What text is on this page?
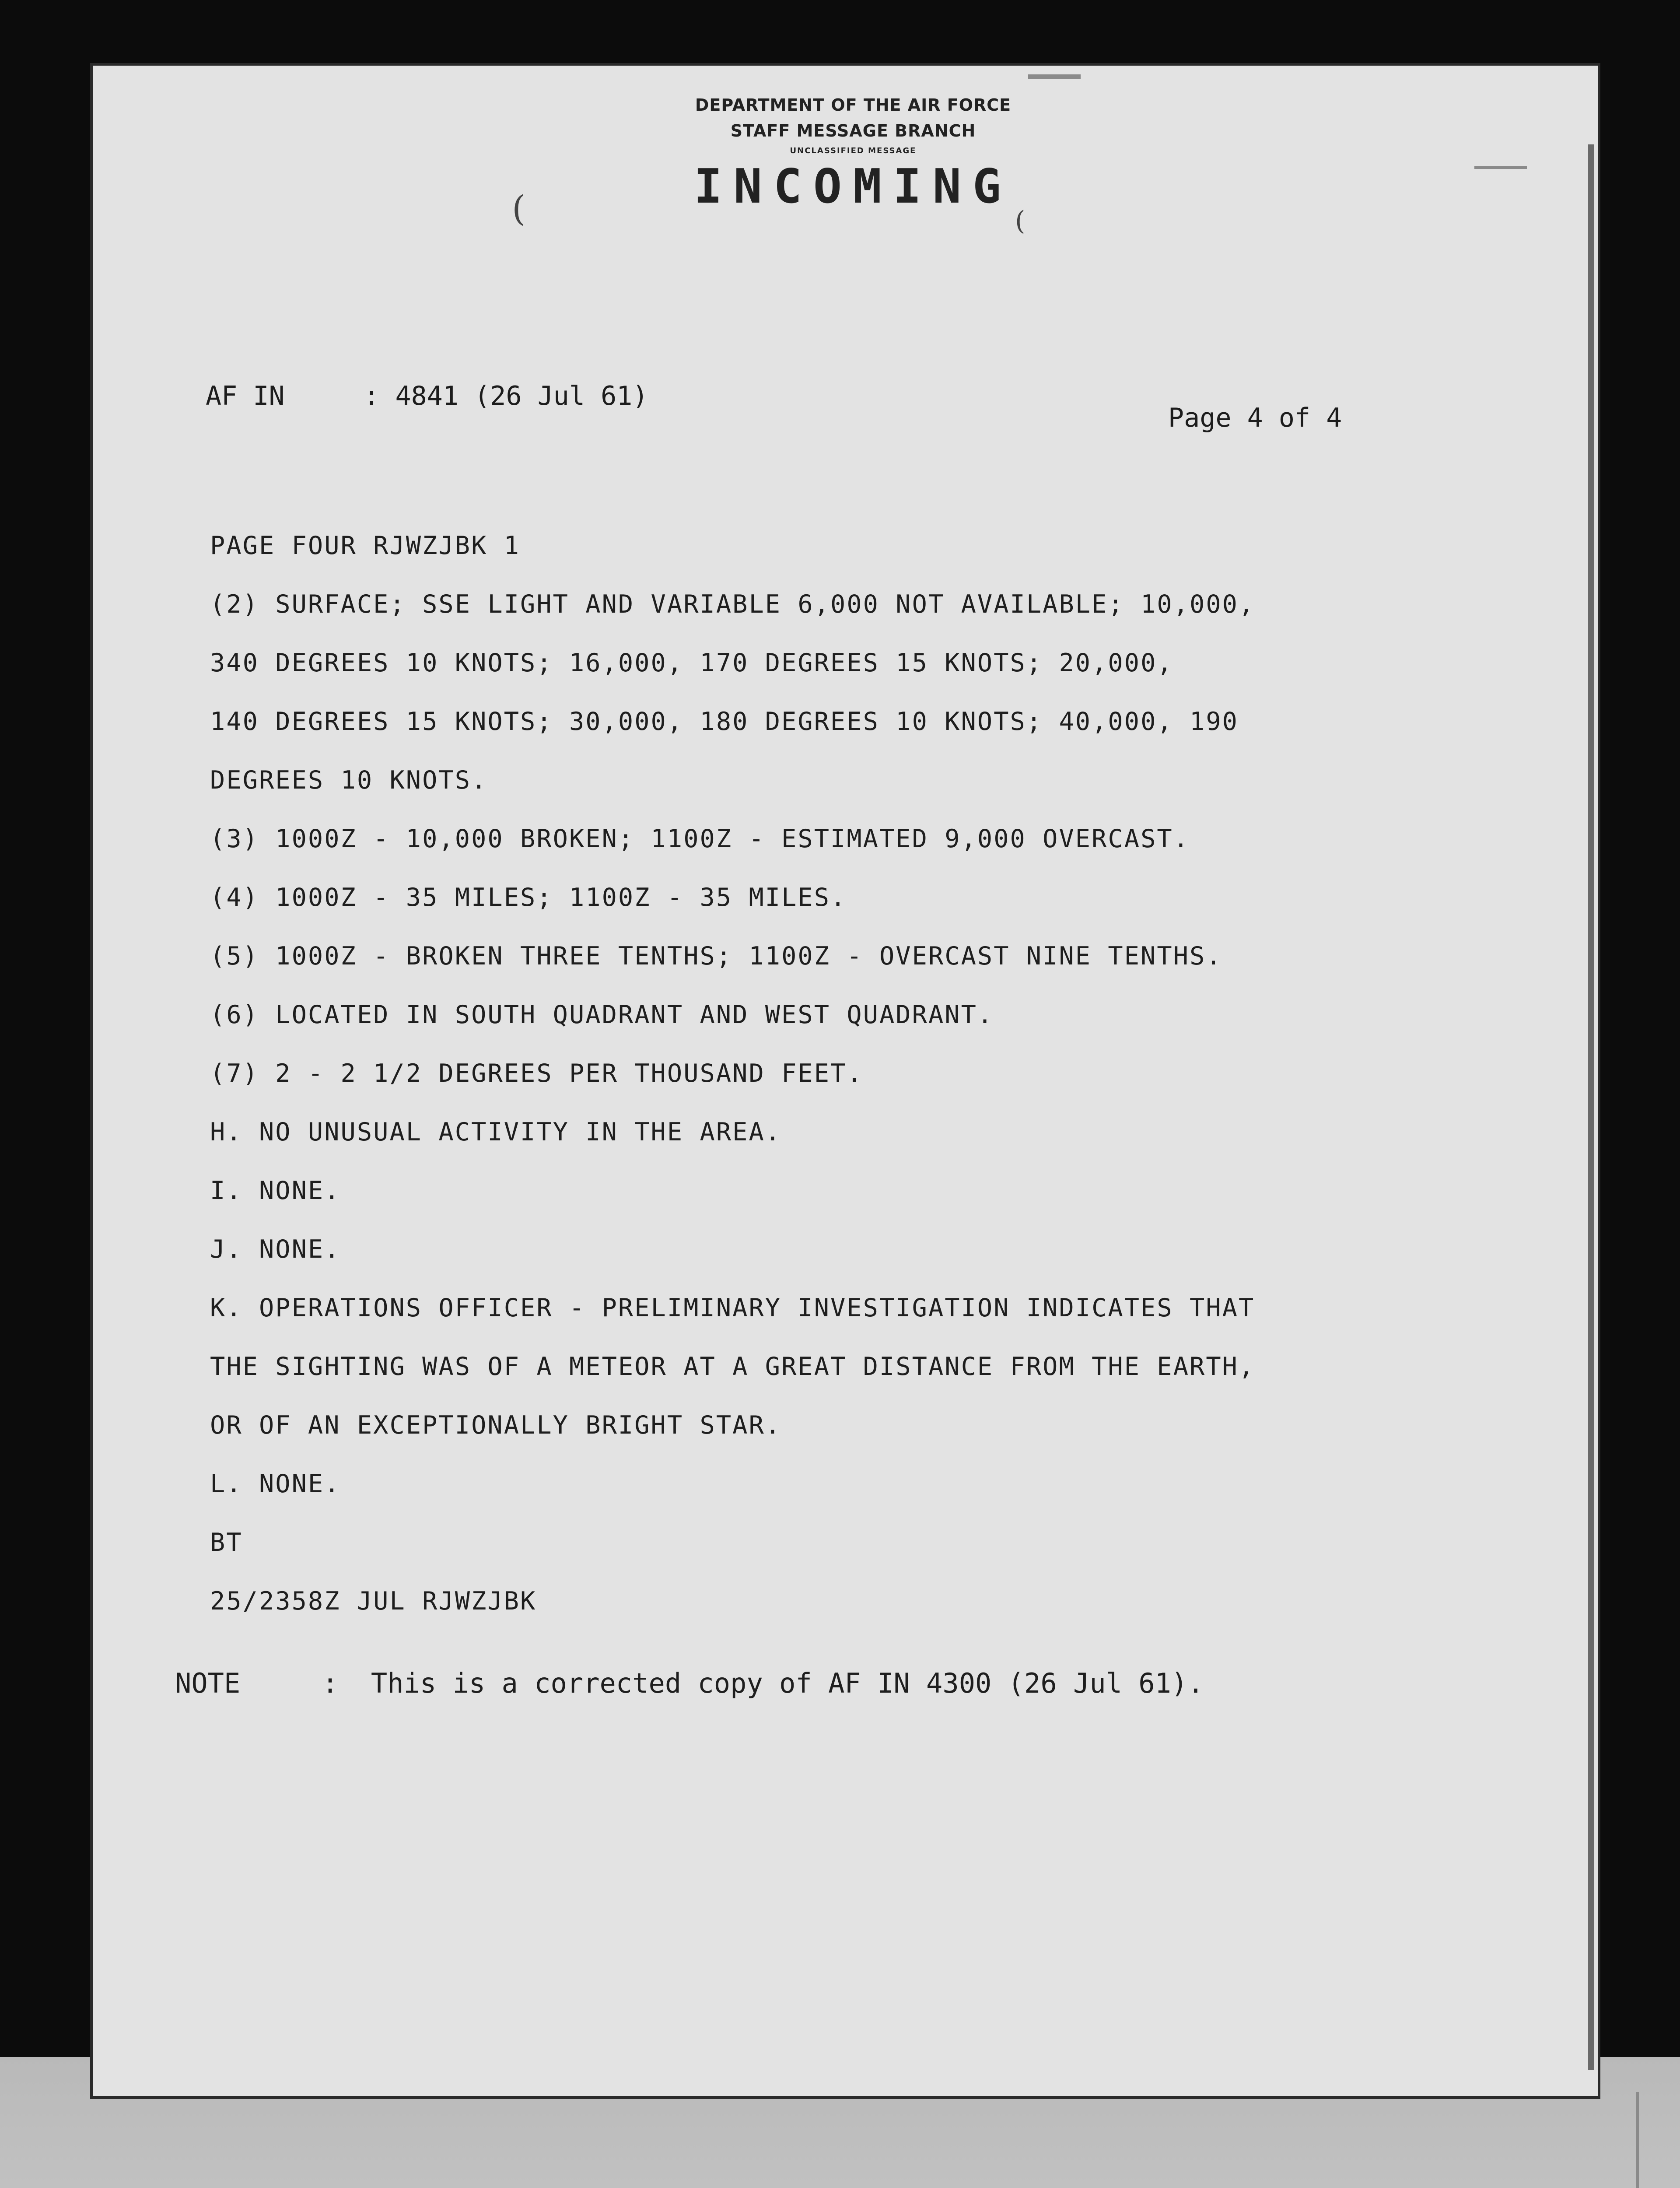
DEPARTMENT OF THE AIR FORCE
STAFF MESSAGE BRANCH
UNCLASSIFIED MESSAGE
INCOMING
(	(
AF IN	: 4841 (26 Jul 61)
Page 4 of 4
PAGE FOUR RJWZJBK 1
(2) SURFACE; SSE LIGHT AND VARIABLE 6,000 NOT AVAILABLE; 10,000,
340 DEGREES 10 KNOTS; 16,000, 170 DEGREES 15 KNOTS; 20,000,
140 DEGREES 15 KNOTS; 30,000, 180 DEGREES 10 KNOTS; 40,000, 190
DEGREES 10 KNOTS.
(3) 1000Z - 10,000 BROKEN; 1100Z - ESTIMATED 9,000 OVERCAST.
(4) 1000Z - 35 MILES; 1100Z - 35 MILES.
(5) 1000Z - BROKEN THREE TENTHS; 1100Z - OVERCAST NINE TENTHS.
(6) LOCATED IN SOUTH QUADRANT AND WEST QUADRANT.
(7) 2 - 2 1/2 DEGREES PER THOUSAND FEET.
H. NO UNUSUAL ACTIVITY IN THE AREA.
I. NONE.
J. NONE.
K. OPERATIONS OFFICER - PRELIMINARY INVESTIGATION INDICATES THAT
THE SIGHTING WAS OF A METEOR AT A GREAT DISTANCE FROM THE EARTH,
OR OF AN EXCEPTIONALLY BRIGHT STAR.
L. NONE.
BT
25/2358Z JUL RJWZJBK
NOTE	:  This is a corrected copy of AF IN 4300 (26 Jul 61).
